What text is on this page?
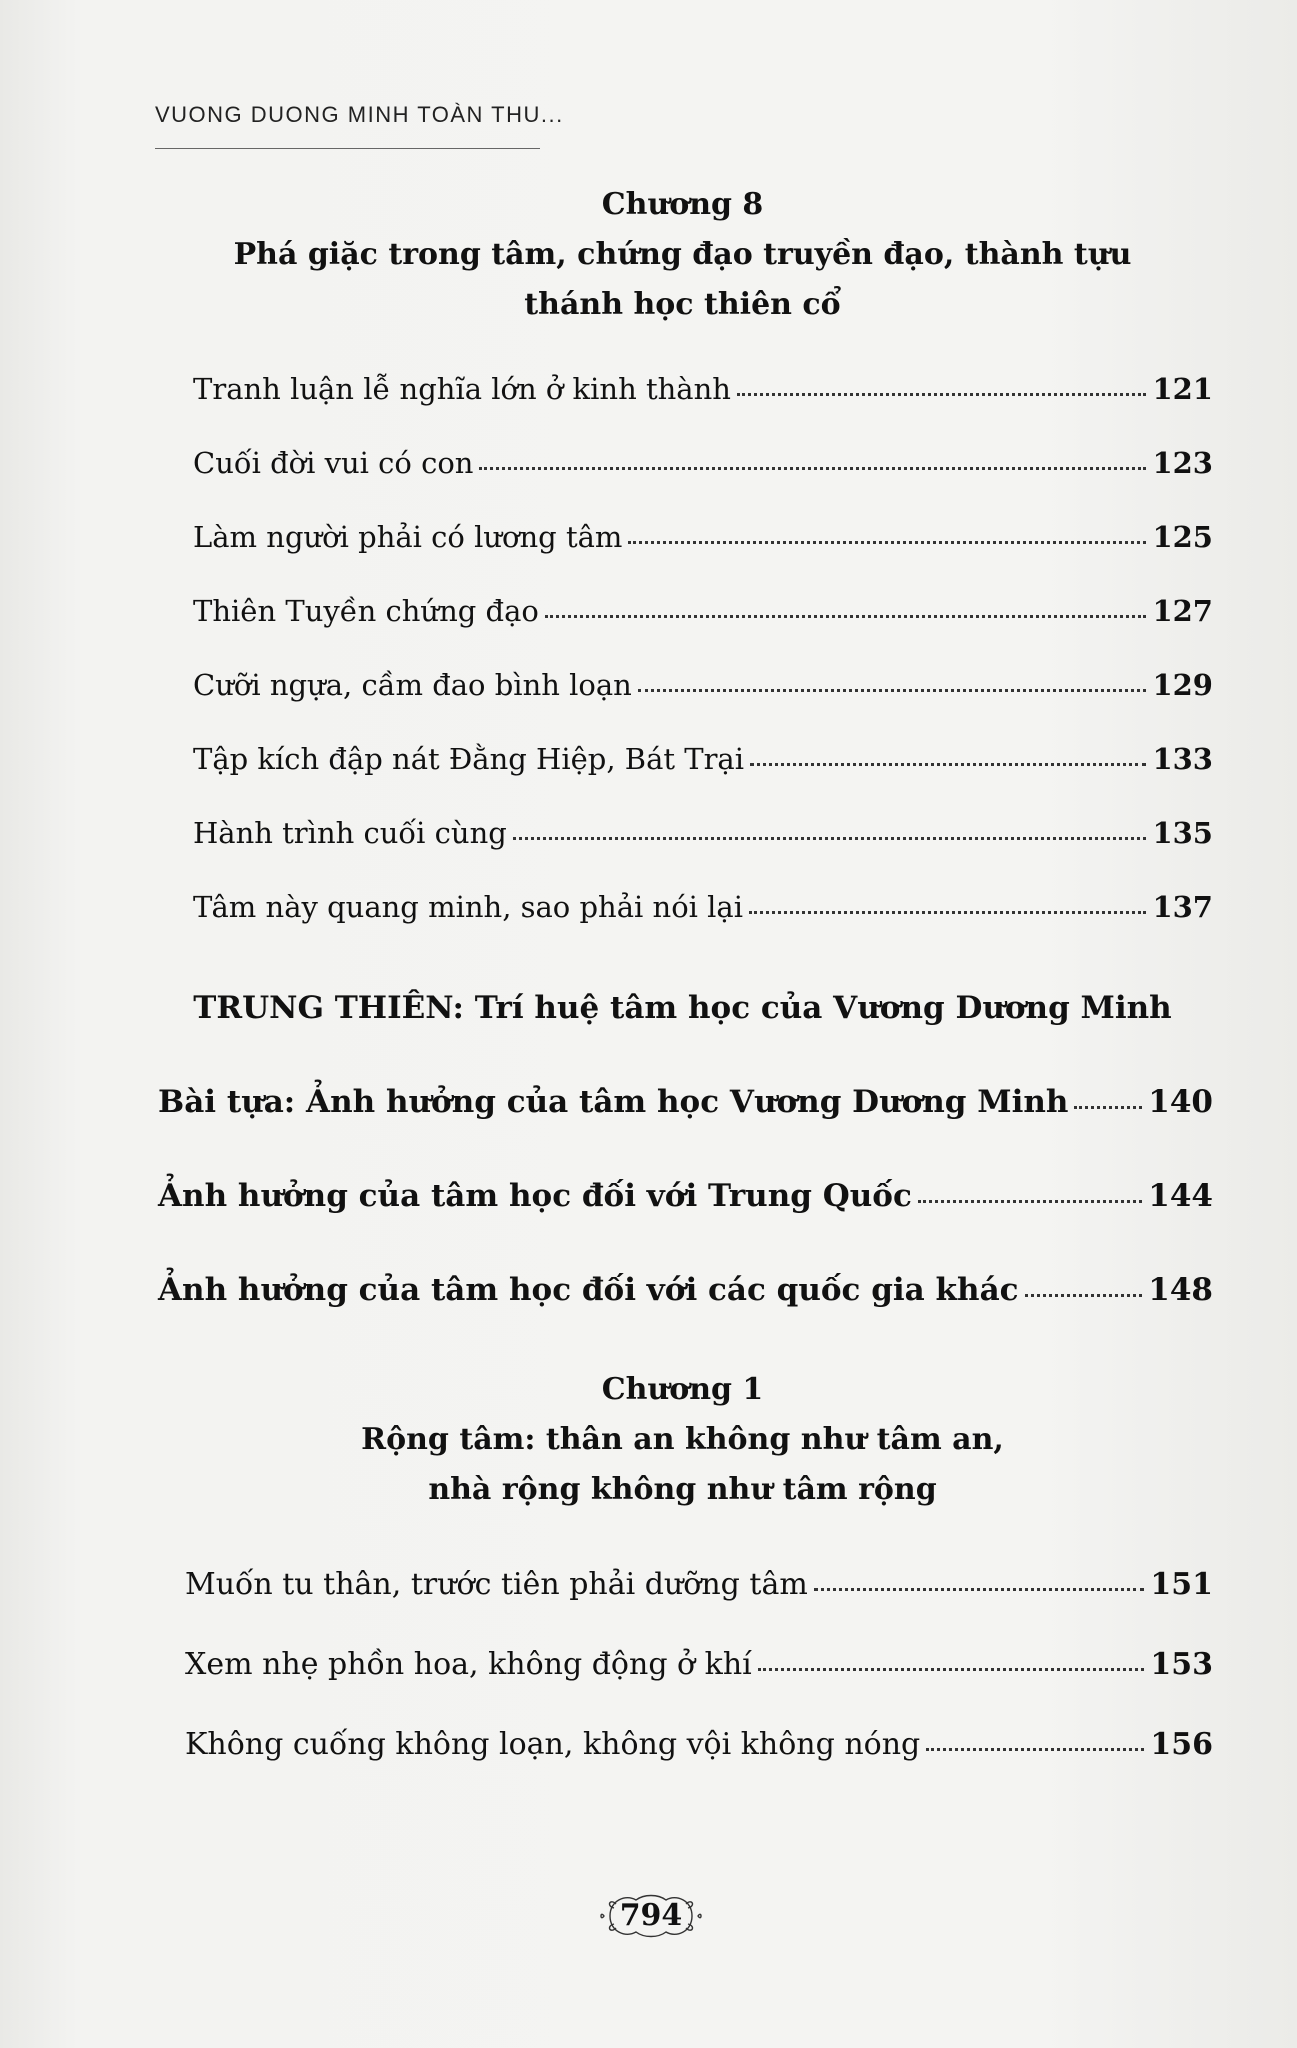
VUONG DUONG MINH TOÀN THU...
Chương 8
Phá giặc trong tâm, chứng đạo truyền đạo, thành tựu
thánh học thiên cổ
Tranh luận lễ nghĩa lớn ở kinh thành	121
Cuối đời vui có con	123
Làm người phải có lương tâm	125
Thiên Tuyền chứng đạo	127
Cưỡi ngựa, cầm đao bình loạn	129
Tập kích đập nát Đằng Hiệp, Bát Trại	133
Hành trình cuối cùng	135
Tâm này quang minh, sao phải nói lại	137
TRUNG THIÊN: Trí huệ tâm học của Vương Dương Minh
Bài tựa: Ảnh hưởng của tâm học Vương Dương Minh	140
Ảnh hưởng của tâm học đối với Trung Quốc	144
Ảnh hưởng của tâm học đối với các quốc gia khác	148
Chương 1
Rộng tâm: thân an không như tâm an,
nhà rộng không như tâm rộng
Muốn tu thân, trước tiên phải dưỡng tâm	151
Xem nhẹ phồn hoa, không động ở khí	153
Không cuống không loạn, không vội không nóng	156
794
